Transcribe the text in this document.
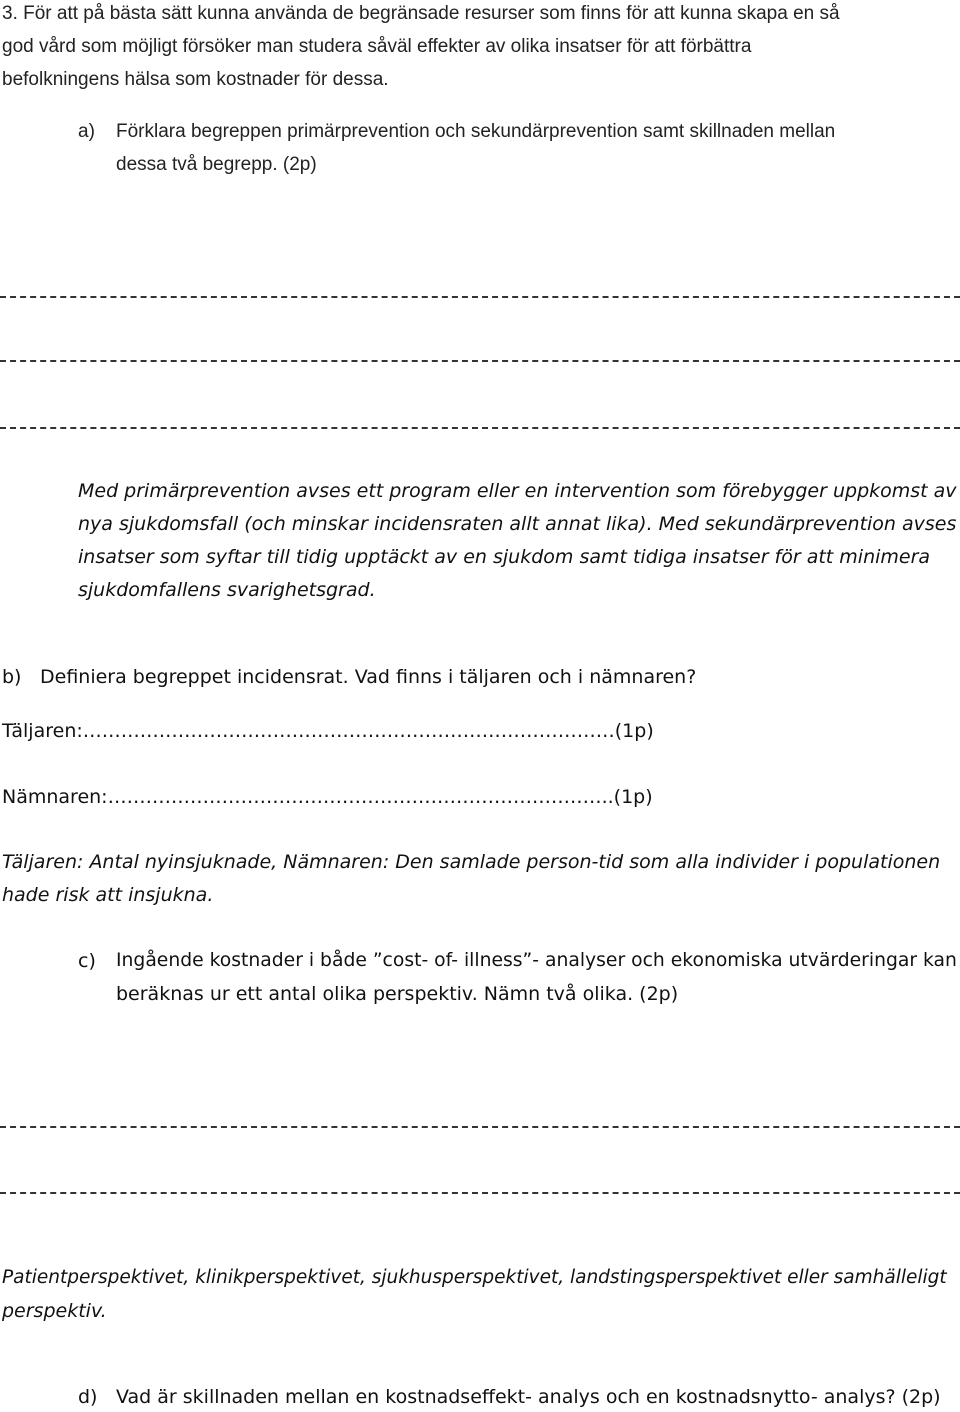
3. För att på bästa sätt kunna använda de begränsade resurser som finns för att kunna skapa en så
god vård som möjligt försöker man studera såväl effekter av olika insatser för att förbättra
befolkningens hälsa som kostnader för dessa.
a) Förklara begreppen primärprevention och sekundärprevention samt skillnaden mellan
dessa två begrepp. (2p)
Med primärprevention avses ett program eller en intervention som förebygger uppkomst av
nya sjukdomsfall (och minskar incidensraten allt annat lika). Med sekundärprevention avses
insatser som syftar till tidig upptäckt av en sjukdom samt tidiga insatser för att minimera
sjukdomfallens svarighetsgrad.
b) Definiera begreppet incidensrat. Vad finns i täljaren och i nämnaren?
Täljaren:…………………………………………………………………………(1p)
Nämnaren:……………………………………………………………………..(1p)
Täljaren: Antal nyinsjuknade, Nämnaren: Den samlade person-tid som alla individer i populationen
hade risk att insjukna.
c) Ingående kostnader i både ”cost- of- illness”- analyser och ekonomiska utvärderingar kan
beräknas ur ett antal olika perspektiv. Nämn två olika. (2p)
Patientperspektivet, klinikperspektivet, sjukhusperspektivet, landstingsperspektivet eller samhälleligt
perspektiv.
d) Vad är skillnaden mellan en kostnadseffekt- analys och en kostnadsnytto- analys? (2p)
